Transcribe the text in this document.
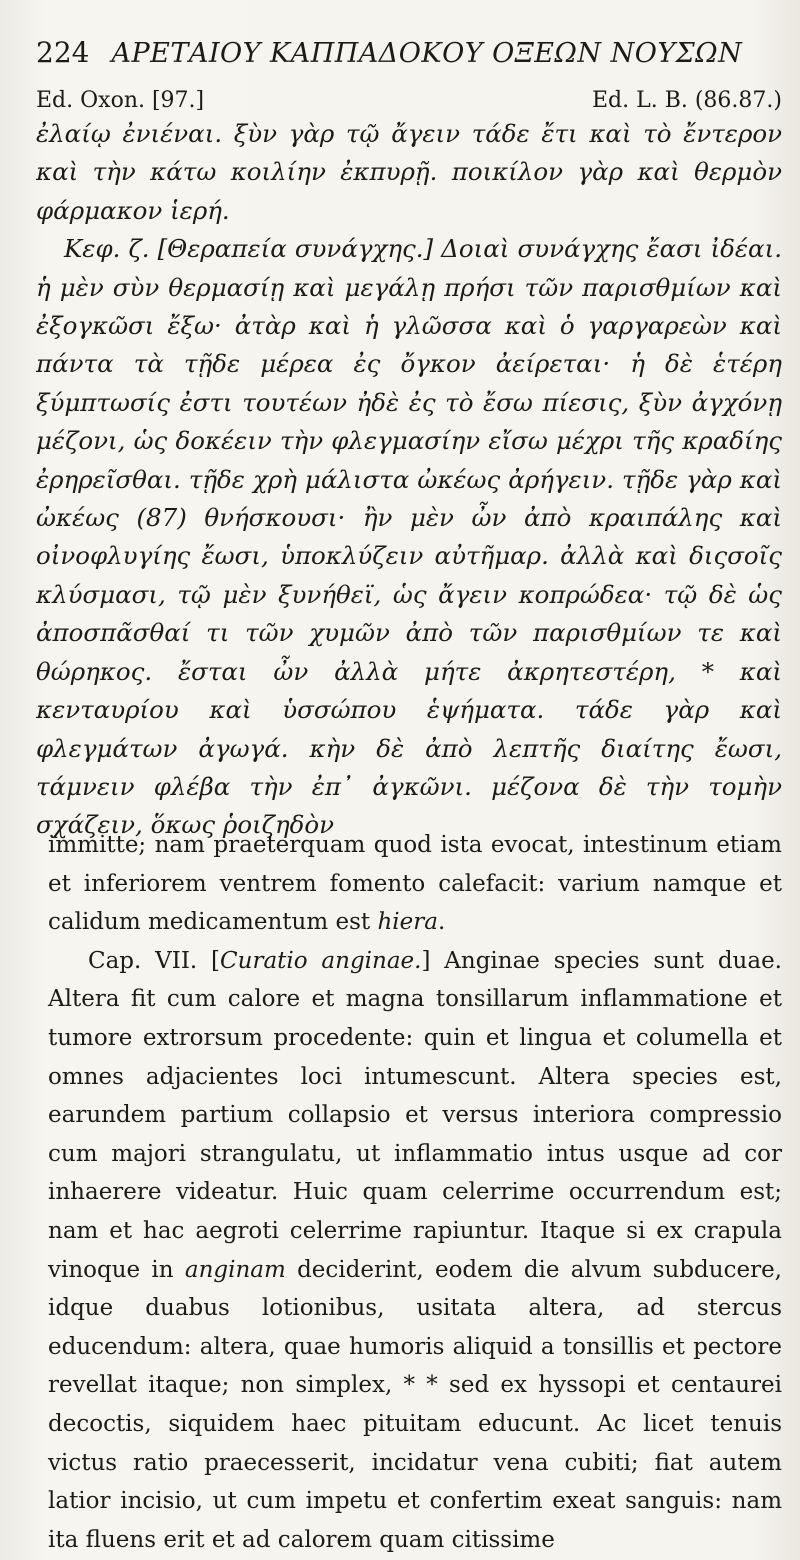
224 ΑΡΕΤΑΙΟΥ ΚΑΠΠΑΔΟΚΟΥ ΟΞΕΩΝ ΝΟΥΣΩΝ
Ed. Oxon. [97.]	Ed. L. B. (86.87.)

ἐλαίῳ ἐνιέναι. ξὺν γὰρ τῷ ἄγειν τάδε ἔτι καὶ τὸ ἔντερον καὶ τὴν κάτω κοιλίην ἐκπυρῇ. ποικίλον γὰρ καὶ θερμὸν φάρμακον ἱερή.

Κεφ. ζ. [Θεραπεία συνάγχης.] Δοιαὶ συνάγχης ἔασι ἰδέαι. ἡ μὲν σὺν θερμασίῃ καὶ μεγάλῃ πρήσι τῶν παρισθμίων καὶ ἐξογκῶσι ἔξω· ἀτὰρ καὶ ἡ γλῶσσα καὶ ὁ γαργαρεὼν καὶ πάντα τὰ τῇδε μέρεα ἐς ὄγκον ἀείρεται· ἡ δὲ ἑτέρη ξύμπτωσίς ἐστι τουτέων ἠδὲ ἐς τὸ ἔσω πίεσις, ξὺν ἀγχόνῃ μέζονι, ὡς δοκέειν τὴν φλεγμασίην εἴσω μέχρι τῆς κραδίης ἐρηρεῖσθαι. τῇδε χρὴ μάλιστα ὠκέως ἀρήγειν. τῇδε γὰρ καὶ ὠκέως (87) θνήσκουσι· ἢν μὲν ὦν ἀπὸ κραιπάλης καὶ οἰνοφλυγίης ἔωσι, ὑποκλύζειν αὐτῆμαρ. ἀλλὰ καὶ διςσοῖς κλύσμασι, τῷ μὲν ξυνήθεϊ, ὡς ἄγειν κοπρώδεα· τῷ δὲ ὡς ἀποσπᾶσθαί τι τῶν χυμῶν ἀπὸ τῶν παρισθμίων τε καὶ θώρηκος. ἔσται ὦν ἀλλὰ μήτε ἀκρητεστέρη, * καὶ κενταυρίου καὶ ὑσσώπου ἑψήματα. τάδε γὰρ καὶ φλεγμάτων ἀγωγά. κὴν δὲ ἀπὸ λεπτῆς διαίτης ἔωσι, τάμνειν φλέβα τὴν ἐπ᾽ ἀγκῶνι. μέζονα δὲ τὴν τομὴν σχάζειν, ὅκως ῥοιζηδὸν

immitte; nam praeterquam quod ista evocat, intestinum etiam et inferiorem ventrem fomento calefacit: varium namque et calidum medicamentum est hiera.

Cap. VII. [Curatio anginae.] Anginae species sunt duae. Altera fit cum calore et magna tonsillarum inflammatione et tumore extrorsum procedente: quin et lingua et columella et omnes adjacientes loci intumescunt. Altera species est, earundem partium collapsio et versus interiora compressio cum majori strangulatu, ut inflammatio intus usque ad cor inhaerere videatur. Huic quam celerrime occurrendum est; nam et hac aegroti celerrime rapiuntur. Itaque si ex crapula vinoque in anginam deciderint, eodem die alvum subducere, idque duabus lotionibus, usitata altera, ad stercus educendum: altera, quae humoris aliquid a tonsillis et pectore revellat itaque; non simplex, * * sed ex hyssopi et centaurei decoctis, siquidem haec pituitam educunt. Ac licet tenuis victus ratio praecesserit, incidatur vena cubiti; fiat autem latior incisio, ut cum impetu et confertim exeat sanguis: nam ita fluens erit et ad calorem quam citissime
